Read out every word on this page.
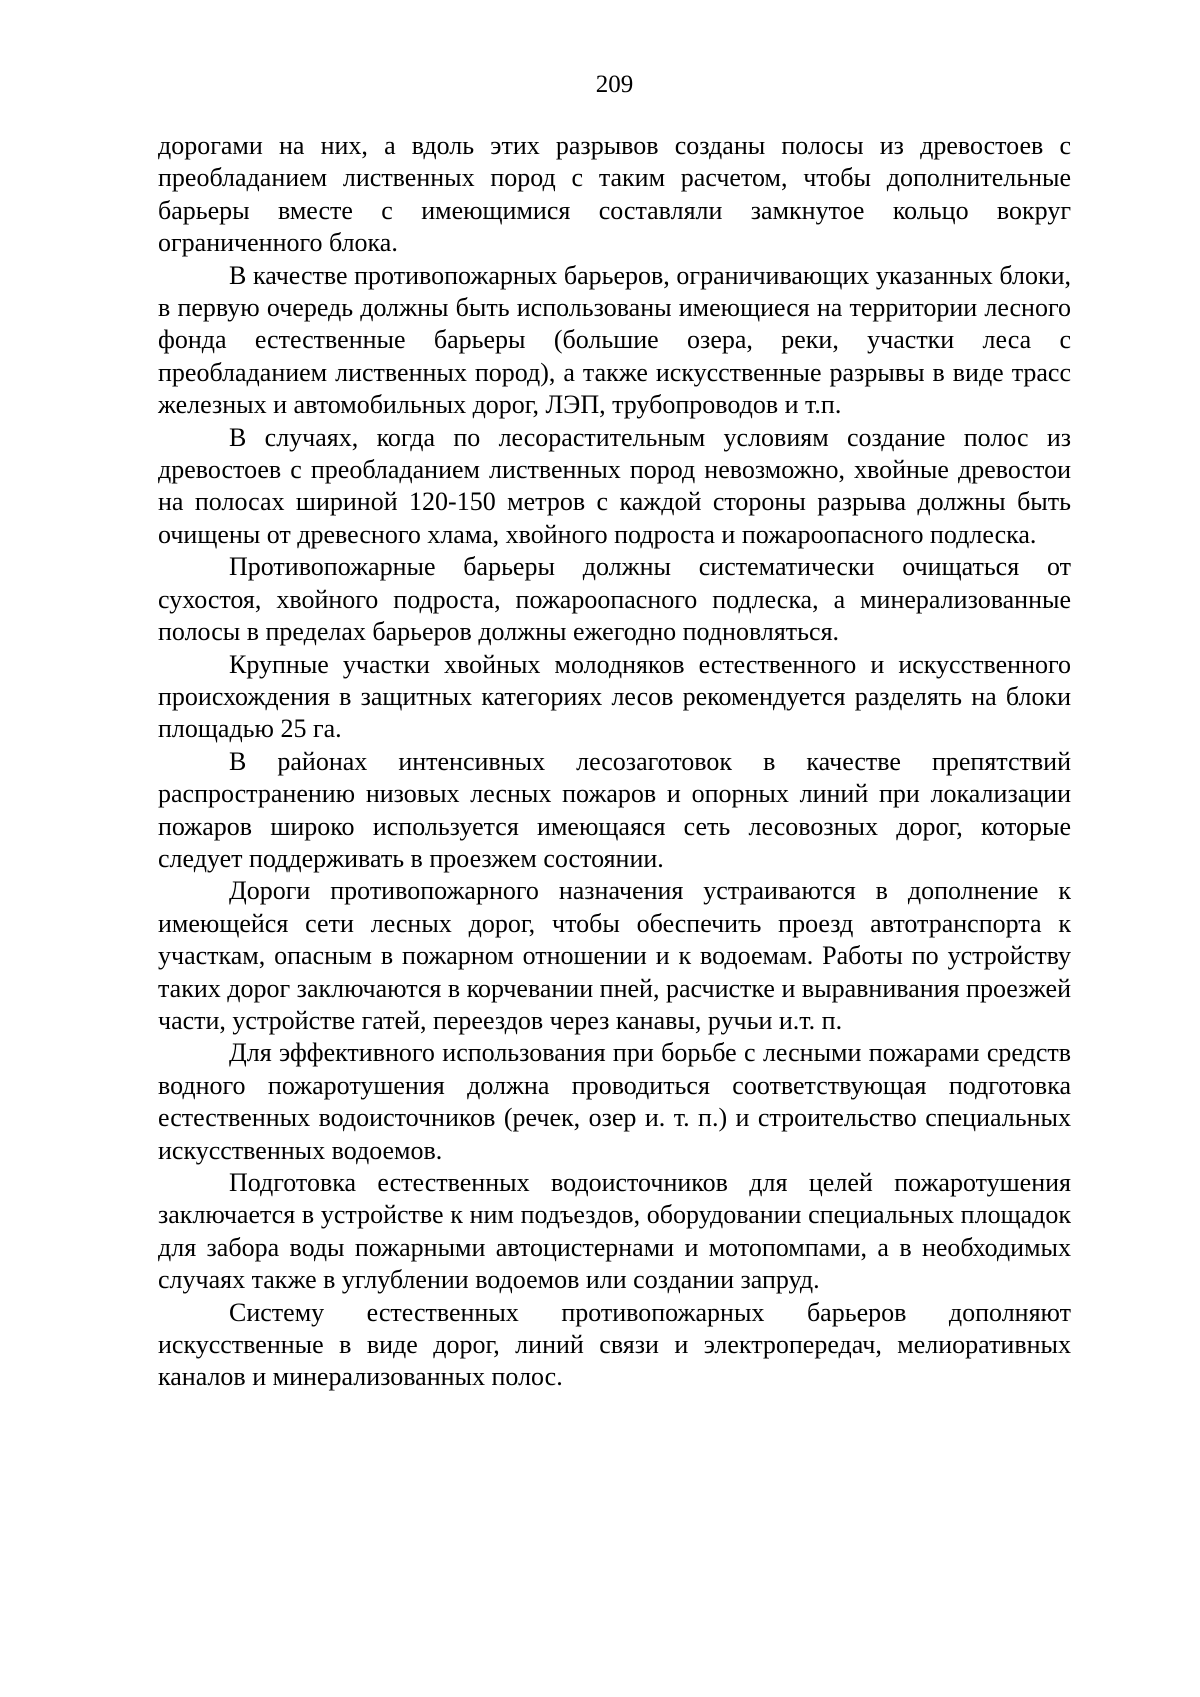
209

дорогами на них, а вдоль этих разрывов созданы полосы из древостоев с преобладанием лиственных пород с таким расчетом, чтобы дополнительные барьеры вместе с имеющимися составляли замкнутое кольцо вокруг ограниченного блока.

В качестве противопожарных барьеров, ограничивающих указанных блоки, в первую очередь должны быть использованы имеющиеся на территории лесного фонда естественные барьеры (большие озера, реки, участки леса с преобладанием лиственных пород), а также искусственные разрывы в виде трасс железных и автомобильных дорог, ЛЭП, трубопроводов и т.п.

В случаях, когда по лесорастительным условиям создание полос из древостоев с преобладанием лиственных пород невозможно, хвойные древостои на полосах шириной 120-150 метров с каждой стороны разрыва должны быть очищены от древесного хлама, хвойного подроста и пожароопасного подлеска.

Противопожарные барьеры должны систематически очищаться от сухостоя, хвойного подроста, пожароопасного подлеска, а минерализованные полосы в пределах барьеров должны ежегодно подновляться.

Крупные участки хвойных молодняков естественного и искусственного происхождения в защитных категориях лесов рекомендуется разделять на блоки площадью 25 га.

В районах интенсивных лесозаготовок в качестве препятствий распространению низовых лесных пожаров и опорных линий при локализации пожаров широко используется имеющаяся сеть лесовозных дорог, которые следует поддерживать в проезжем состоянии.

Дороги противопожарного назначения устраиваются в дополнение к имеющейся сети лесных дорог, чтобы обеспечить проезд автотранспорта к участкам, опасным в пожарном отношении и к водоемам. Работы по устройству таких дорог заключаются в корчевании пней, расчистке и выравнивания проезжей части, устройстве гатей, переездов через канавы, ручьи и.т. п.

Для эффективного использования при борьбе с лесными пожарами средств водного пожаротушения должна проводиться соответствующая подготовка естественных водоисточников (речек, озер и. т. п.) и строительство специальных искусственных водоемов.

Подготовка естественных водоисточников для целей пожаротушения заключается в устройстве к ним подъездов, оборудовании специальных площадок для забора воды пожарными автоцистернами и мотопомпами, а в необходимых случаях также в углублении водоемов или создании запруд.

Систему естественных противопожарных барьеров дополняют искусственные в виде дорог, линий связи и электропередач, мелиоративных каналов и минерализованных полос.
